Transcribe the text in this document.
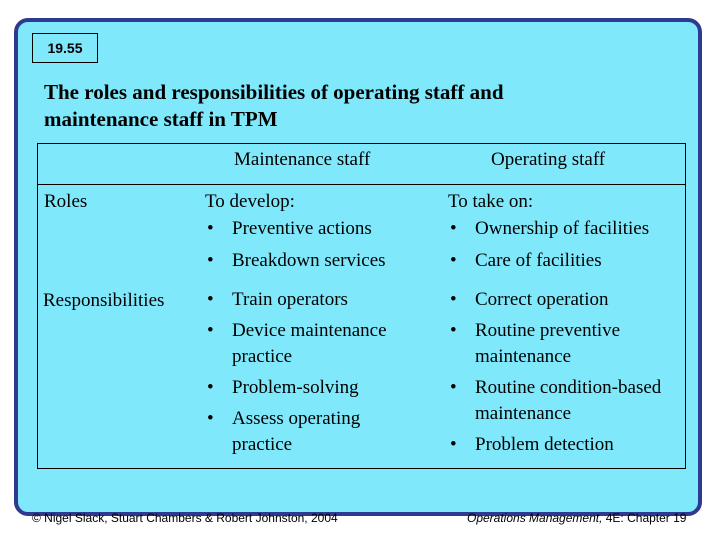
19.55
The roles and responsibilities of operating staff and
maintenance staff in TPM
Maintenance staff	Operating staff
Roles	To develop:
• Preventive actions
• Breakdown services
To take on:
• Ownership of facilities
• Care of facilities
Responsibilities
•	Train operators
• Device maintenance practice
• Problem-solving
• Assess operating practice
• Correct operation
• Routine preventive maintenance
• Routine condition-based maintenance
• Problem detection
© Nigel Slack, Stuart Chambers & Robert Johnston, 2004	Operations Management, 4E: Chapter 19
